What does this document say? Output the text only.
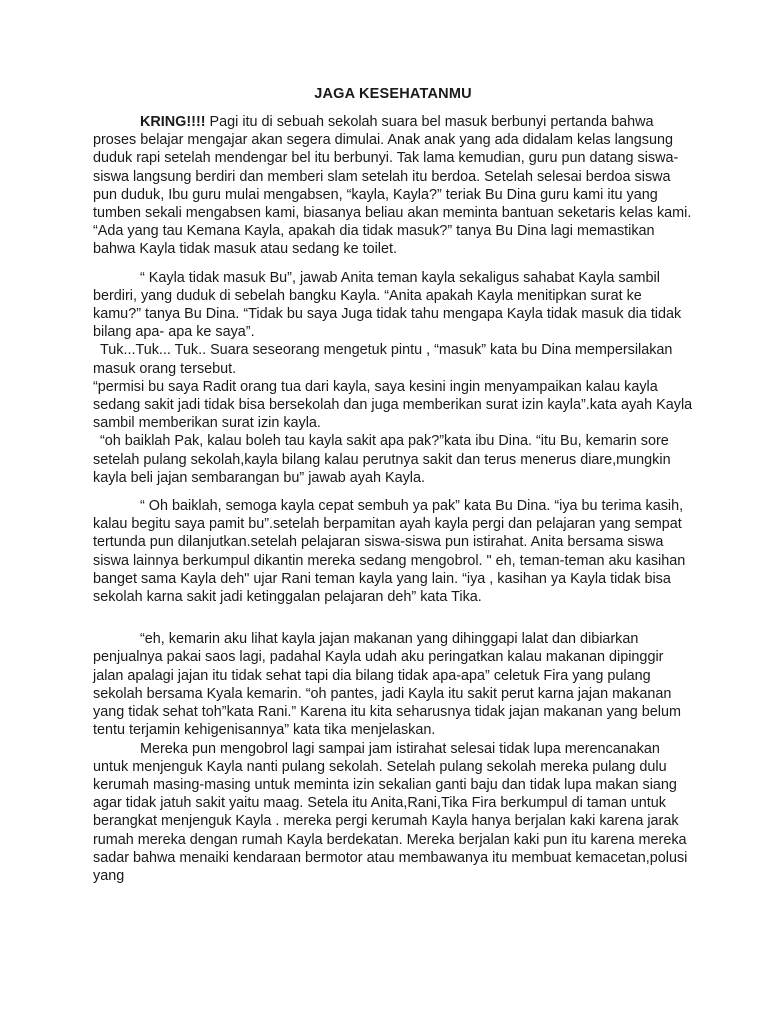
JAGA KESEHATANMU

KRING!!!! Pagi itu di sebuah sekolah suara bel masuk berbunyi pertanda bahwa proses belajar mengajar akan segera dimulai. Anak anak yang ada didalam kelas langsung duduk rapi setelah mendengar bel itu berbunyi. Tak lama kemudian, guru pun datang siswa-siswa langsung berdiri dan memberi slam setelah itu berdoa. Setelah selesai berdoa siswa pun duduk, Ibu guru mulai mengabsen, “kayla, Kayla?” teriak Bu Dina guru kami itu yang tumben sekali mengabsen kami, biasanya beliau akan meminta bantuan seketaris kelas kami. “Ada yang tau Kemana Kayla, apakah dia tidak masuk?” tanya Bu Dina lagi memastikan bahwa Kayla tidak masuk atau sedang ke toilet.

“ Kayla tidak masuk Bu”, jawab Anita teman kayla sekaligus sahabat Kayla sambil berdiri, yang duduk di sebelah bangku Kayla. “Anita apakah Kayla menitipkan surat ke kamu?” tanya Bu Dina. “Tidak bu saya Juga tidak tahu mengapa Kayla tidak masuk dia tidak bilang apa- apa ke saya”.

Tuk...Tuk... Tuk.. Suara seseorang mengetuk pintu , “masuk” kata bu Dina mempersilakan masuk orang tersebut.

“permisi bu saya Radit orang tua dari kayla, saya kesini ingin menyampaikan kalau kayla sedang sakit jadi tidak bisa bersekolah dan juga memberikan surat izin kayla”.kata ayah Kayla sambil memberikan surat izin kayla.

“oh baiklah Pak, kalau boleh tau kayla sakit apa pak?”kata ibu Dina. “itu Bu, kemarin sore setelah pulang sekolah,kayla bilang kalau perutnya sakit dan terus menerus diare,mungkin kayla beli jajan sembarangan bu” jawab ayah Kayla.

“ Oh baiklah, semoga kayla cepat sembuh ya pak” kata Bu Dina. “iya bu terima kasih, kalau begitu saya pamit bu”.setelah berpamitan ayah kayla pergi dan pelajaran yang sempat tertunda pun dilanjutkan.setelah pelajaran siswa-siswa pun istirahat. Anita bersama siswa siswa lainnya berkumpul dikantin mereka sedang mengobrol. " eh, teman-teman aku kasihan banget sama Kayla deh" ujar Rani teman kayla yang lain. “iya , kasihan ya Kayla tidak bisa sekolah karna sakit jadi ketinggalan pelajaran deh” kata Tika.

“eh, kemarin aku lihat kayla jajan makanan yang dihinggapi lalat dan dibiarkan penjualnya pakai saos lagi, padahal Kayla udah aku peringatkan kalau makanan dipinggir jalan apalagi jajan itu tidak sehat tapi dia bilang tidak apa-apa” celetuk Fira yang pulang sekolah bersama Kyala kemarin. “oh pantes, jadi Kayla itu sakit perut karna jajan makanan yang tidak sehat toh”kata Rani.” Karena itu kita seharusnya tidak jajan makanan yang belum tentu terjamin kehigenisannya” kata tika menjelaskan.

Mereka pun mengobrol lagi sampai jam istirahat selesai tidak lupa merencanakan untuk menjenguk Kayla nanti pulang sekolah. Setelah pulang sekolah mereka pulang dulu kerumah masing-masing untuk meminta izin sekalian ganti baju dan tidak lupa makan siang agar tidak jatuh sakit yaitu maag. Setela itu Anita,Rani,Tika Fira berkumpul di taman untuk berangkat menjenguk Kayla . mereka pergi kerumah Kayla hanya berjalan kaki karena jarak rumah mereka dengan rumah Kayla berdekatan. Mereka berjalan kaki pun itu karena mereka sadar bahwa menaiki kendaraan bermotor atau membawanya itu membuat kemacetan,polusi yang
